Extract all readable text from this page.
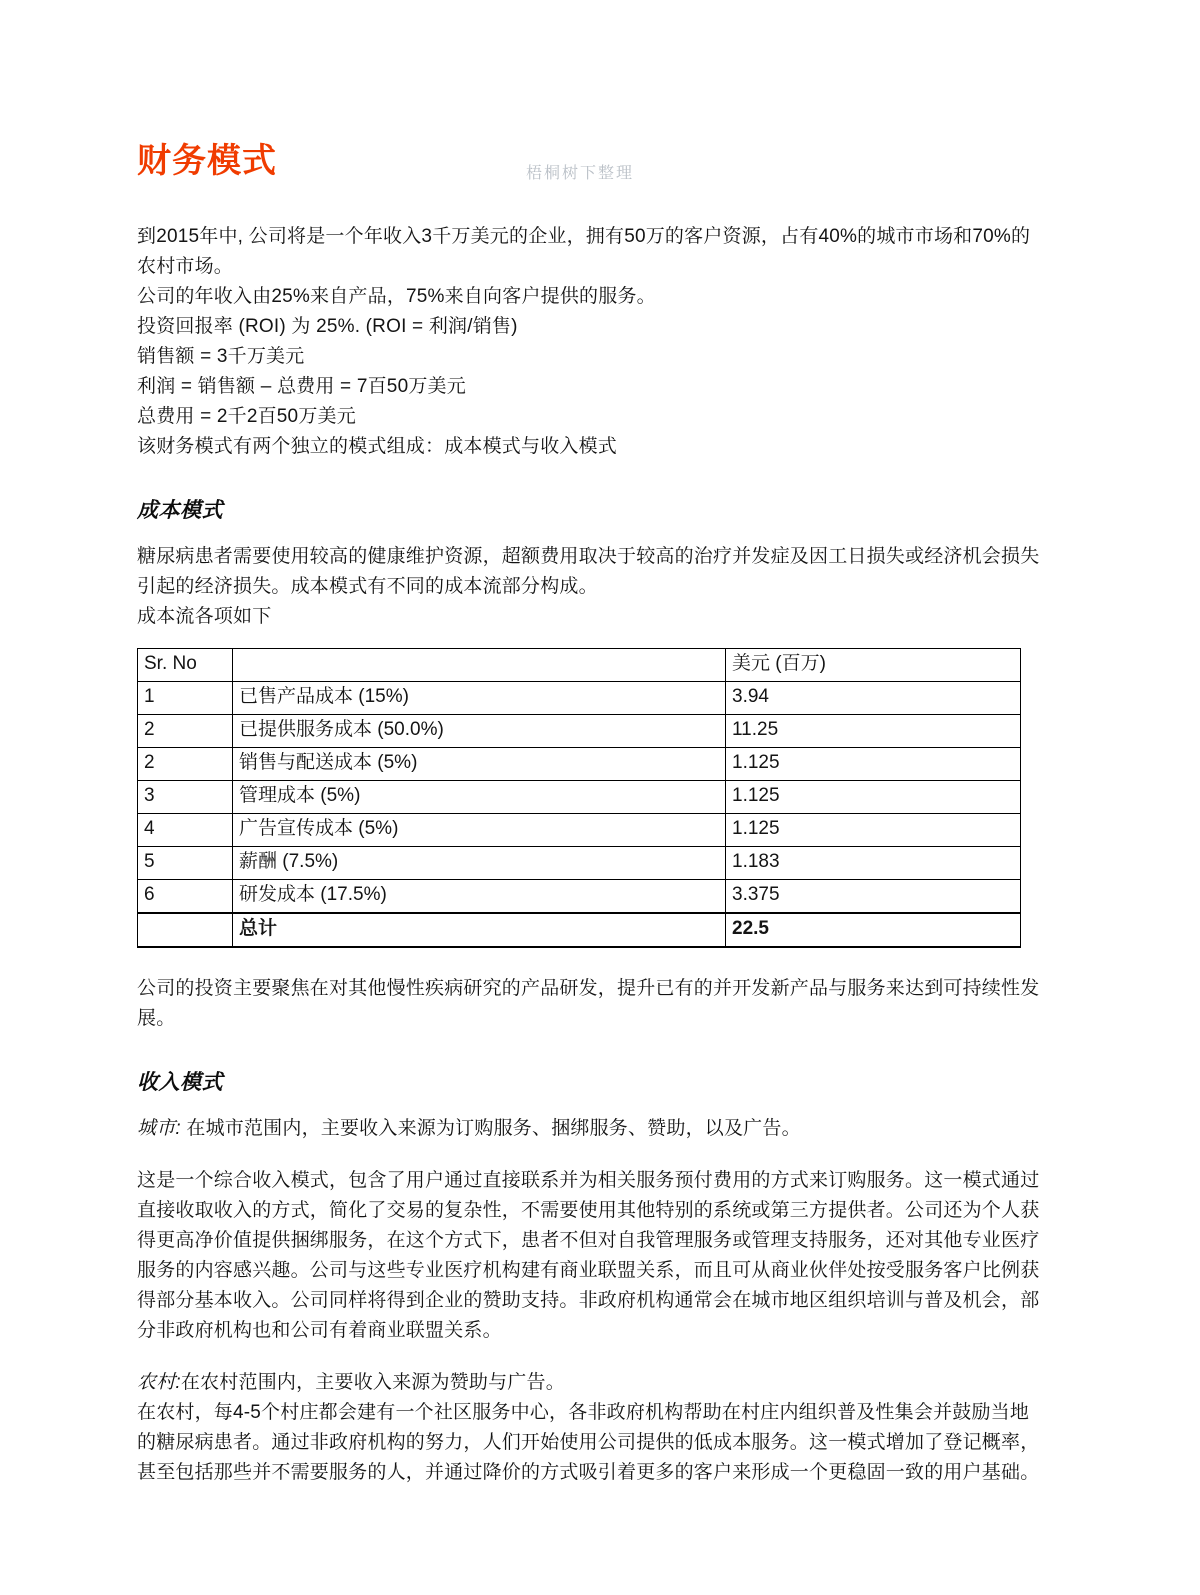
财务模式	梧桐树下整理

到2015年中, 公司将是一个年收入3千万美元的企业，拥有50万的客户资源，占有40%的城市市场和70%的农村市场。

公司的年收入由25%来自产品，75%来自向客户提供的服务。

投资回报率 (ROI) 为 25%. (ROI = 利润/销售)

销售额 = 3千万美元

利润 = 销售额 – 总费用 = 7百50万美元

总费用 = 2千2百50万美元

该财务模式有两个独立的模式组成：成本模式与收入模式

成本模式

糖尿病患者需要使用较高的健康维护资源，超额费用取决于较高的治疗并发症及因工日损失或经济机会损失引起的经济损失。成本模式有不同的成本流部分构成。

成本流各项如下

Sr. No		美元 (百万)
1	已售产品成本 (15%)	3.94
2	已提供服务成本 (50.0%)	11.25
2	销售与配送成本 (5%)	1.125
3	管理成本 (5%)	1.125
4	广告宣传成本 (5%)	1.125
5	薪酬 (7.5%)	1.183
6	研发成本 (17.5%)	3.375
	总计	22.5

公司的投资主要聚焦在对其他慢性疾病研究的产品研发，提升已有的并开发新产品与服务来达到可持续性发展。

收入模式

城市: 在城市范围内，主要收入来源为订购服务、捆绑服务、赞助，以及广告。

这是一个综合收入模式，包含了用户通过直接联系并为相关服务预付费用的方式来订购服务。这一模式通过直接收取收入的方式，简化了交易的复杂性，不需要使用其他特别的系统或第三方提供者。公司还为个人获得更高净价值提供捆绑服务，在这个方式下，患者不但对自我管理服务或管理支持服务，还对其他专业医疗服务的内容感兴趣。公司与这些专业医疗机构建有商业联盟关系，而且可从商业伙伴处按受服务客户比例获得部分基本收入。公司同样将得到企业的赞助支持。非政府机构通常会在城市地区组织培训与普及机会，部分非政府机构也和公司有着商业联盟关系。

农村:在农村范围内，主要收入来源为赞助与广告。

在农村，每4-5个村庄都会建有一个社区服务中心，各非政府机构帮助在村庄内组织普及性集会并鼓励当地的糖尿病患者。通过非政府机构的努力，人们开始使用公司提供的低成本服务。这一模式增加了登记概率，甚至包括那些并不需要服务的人，并通过降价的方式吸引着更多的客户来形成一个更稳固一致的用户基础。
